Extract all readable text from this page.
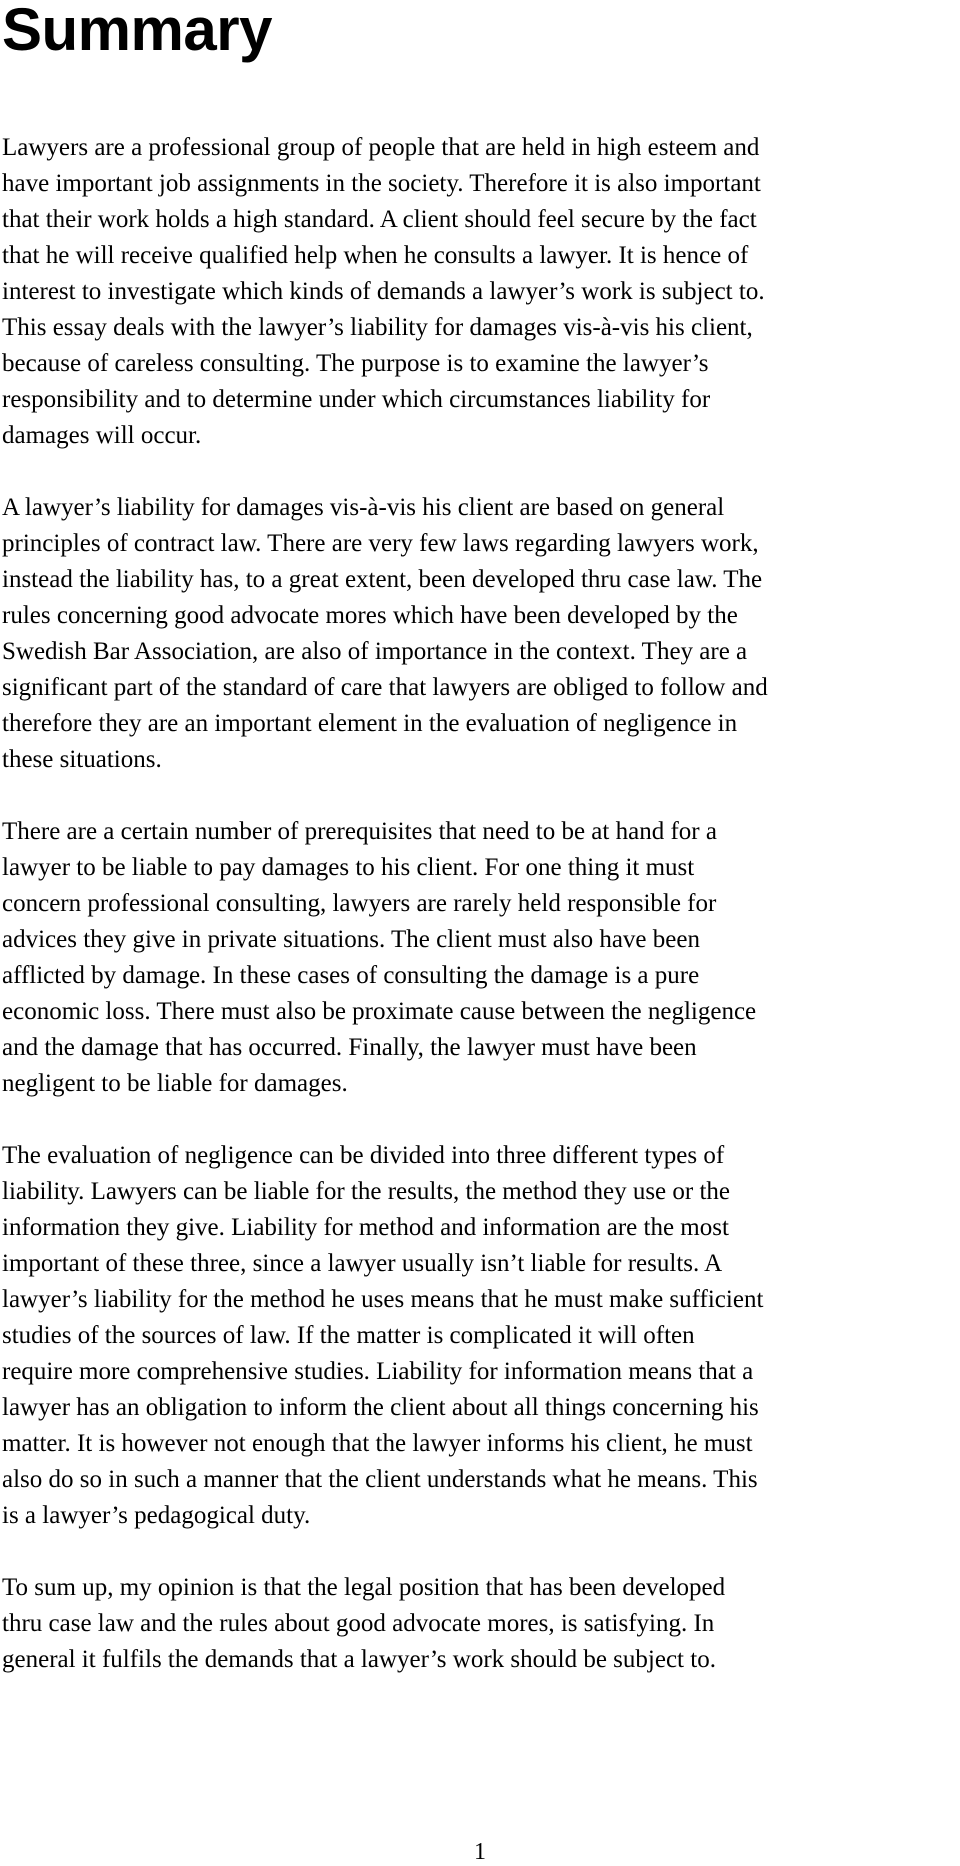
Summary

Lawyers are a professional group of people that are held in high esteem and
have important job assignments in the society. Therefore it is also important
that their work holds a high standard. A client should feel secure by the fact
that he will receive qualified help when he consults a lawyer. It is hence of
interest to investigate which kinds of demands a lawyer’s work is subject to.
This essay deals with the lawyer’s liability for damages vis-à-vis his client,
because of careless consulting. The purpose is to examine the lawyer’s
responsibility and to determine under which circumstances liability for
damages will occur.

A lawyer’s liability for damages vis-à-vis his client are based on general
principles of contract law. There are very few laws regarding lawyers work,
instead the liability has, to a great extent, been developed thru case law. The
rules concerning good advocate mores which have been developed by the
Swedish Bar Association, are also of importance in the context. They are a
significant part of the standard of care that lawyers are obliged to follow and
therefore they are an important element in the evaluation of negligence in
these situations.

There are a certain number of prerequisites that need to be at hand for a
lawyer to be liable to pay damages to his client. For one thing it must
concern professional consulting, lawyers are rarely held responsible for
advices they give in private situations. The client must also have been
afflicted by damage. In these cases of consulting the damage is a pure
economic loss. There must also be proximate cause between the negligence
and the damage that has occurred. Finally, the lawyer must have been
negligent to be liable for damages.

The evaluation of negligence can be divided into three different types of
liability. Lawyers can be liable for the results, the method they use or the
information they give. Liability for method and information are the most
important of these three, since a lawyer usually isn’t liable for results. A
lawyer’s liability for the method he uses means that he must make sufficient
studies of the sources of law. If the matter is complicated it will often
require more comprehensive studies. Liability for information means that a
lawyer has an obligation to inform the client about all things concerning his
matter. It is however not enough that the lawyer informs his client, he must
also do so in such a manner that the client understands what he means. This
is a lawyer’s pedagogical duty.

To sum up, my opinion is that the legal position that has been developed
thru case law and the rules about good advocate mores, is satisfying. In
general it fulfils the demands that a lawyer’s work should be subject to.

1
